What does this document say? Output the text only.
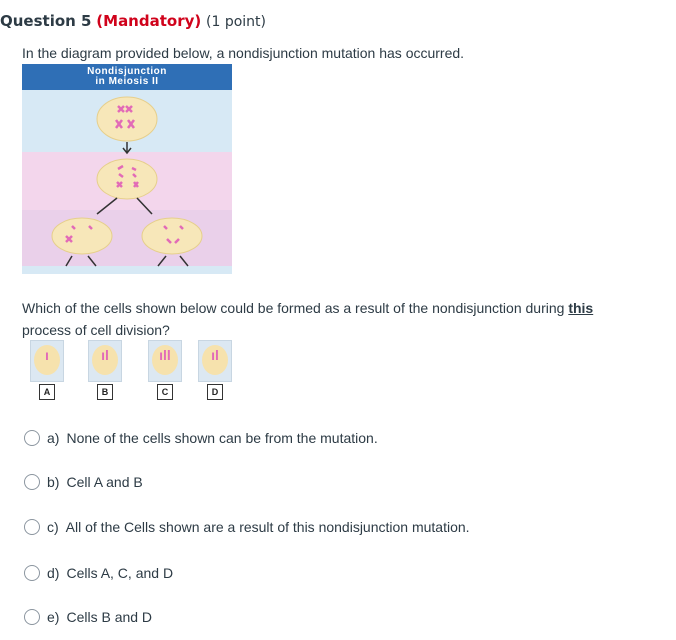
Question 5 (Mandatory) (1 point)
In the diagram provided below, a nondisjunction mutation has occurred.
Nondisjunction
in Meiosis II
Which of the cells shown below could be formed as a result of the nondisjunction during this process of cell division?
ı
A
ıl
B
ıll
C
ıl
D
a) None of the cells shown can be from the mutation.
b) Cell A and B
c) All of the Cells shown are a result of this nondisjunction mutation.
d) Cells A, C, and D
e) Cells B and D
